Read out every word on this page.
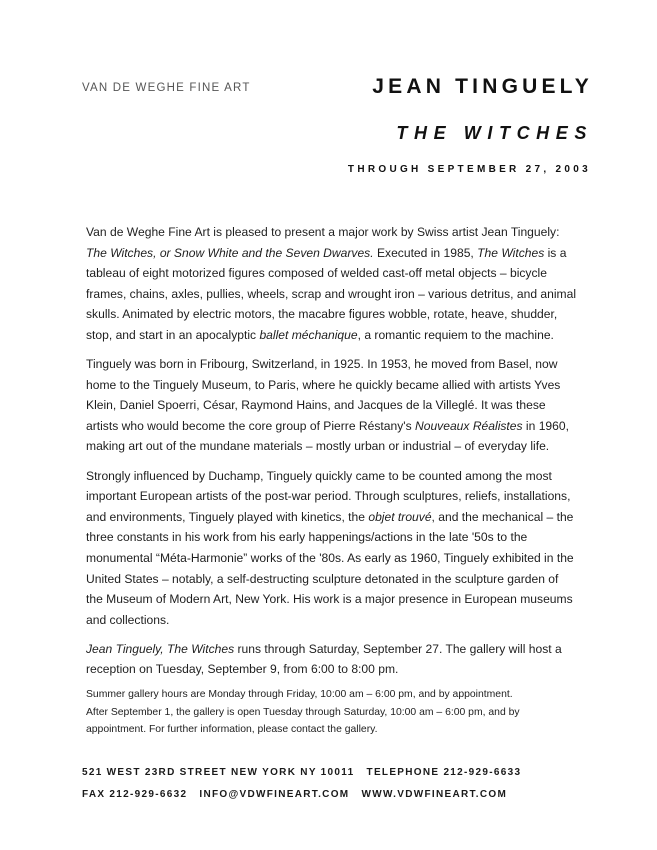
VAN DE WEGHE FINE ART	JEAN TINGUELY
THE WITCHES
THROUGH SEPTEMBER 27, 2003

Van de Weghe Fine Art is pleased to present a major work by Swiss artist Jean Tinguely: The Witches, or Snow White and the Seven Dwarves. Executed in 1985, The Witches is a tableau of eight motorized figures composed of welded cast-off metal objects – bicycle frames, chains, axles, pullies, wheels, scrap and wrought iron – various detritus, and animal skulls. Animated by electric motors, the macabre figures wobble, rotate, heave, shudder, stop, and start in an apocalyptic ballet méchanique, a romantic requiem to the machine.

Tinguely was born in Fribourg, Switzerland, in 1925. In 1953, he moved from Basel, now home to the Tinguely Museum, to Paris, where he quickly became allied with artists Yves Klein, Daniel Spoerri, César, Raymond Hains, and Jacques de la Villeglé. It was these artists who would become the core group of Pierre Réstany's Nouveaux Réalistes in 1960, making art out of the mundane materials – mostly urban or industrial – of everyday life.

Strongly influenced by Duchamp, Tinguely quickly came to be counted among the most important European artists of the post-war period. Through sculptures, reliefs, installations, and environments, Tinguely played with kinetics, the objet trouvé, and the mechanical – the three constants in his work from his early happenings/actions in the late '50s to the monumental “Méta-Harmonie” works of the '80s. As early as 1960, Tinguely exhibited in the United States – notably, a self-destructing sculpture detonated in the sculpture garden of the Museum of Modern Art, New York. His work is a major presence in European museums and collections.

Jean Tinguely, The Witches runs through Saturday, September 27. The gallery will host a reception on Tuesday, September 9, from 6:00 to 8:00 pm.

Summer gallery hours are Monday through Friday, 10:00 am – 6:00 pm, and by appointment.

After September 1, the gallery is open Tuesday through Saturday, 10:00 am – 6:00 pm, and by appointment. For further information, please contact the gallery.

521 WEST 23RD STREET NEW YORK NY 10011 TELEPHONE 212-929-6633
FAX 212-929-6632 INFO@VDWFINEART.COM WWW.VDWFINEART.COM
